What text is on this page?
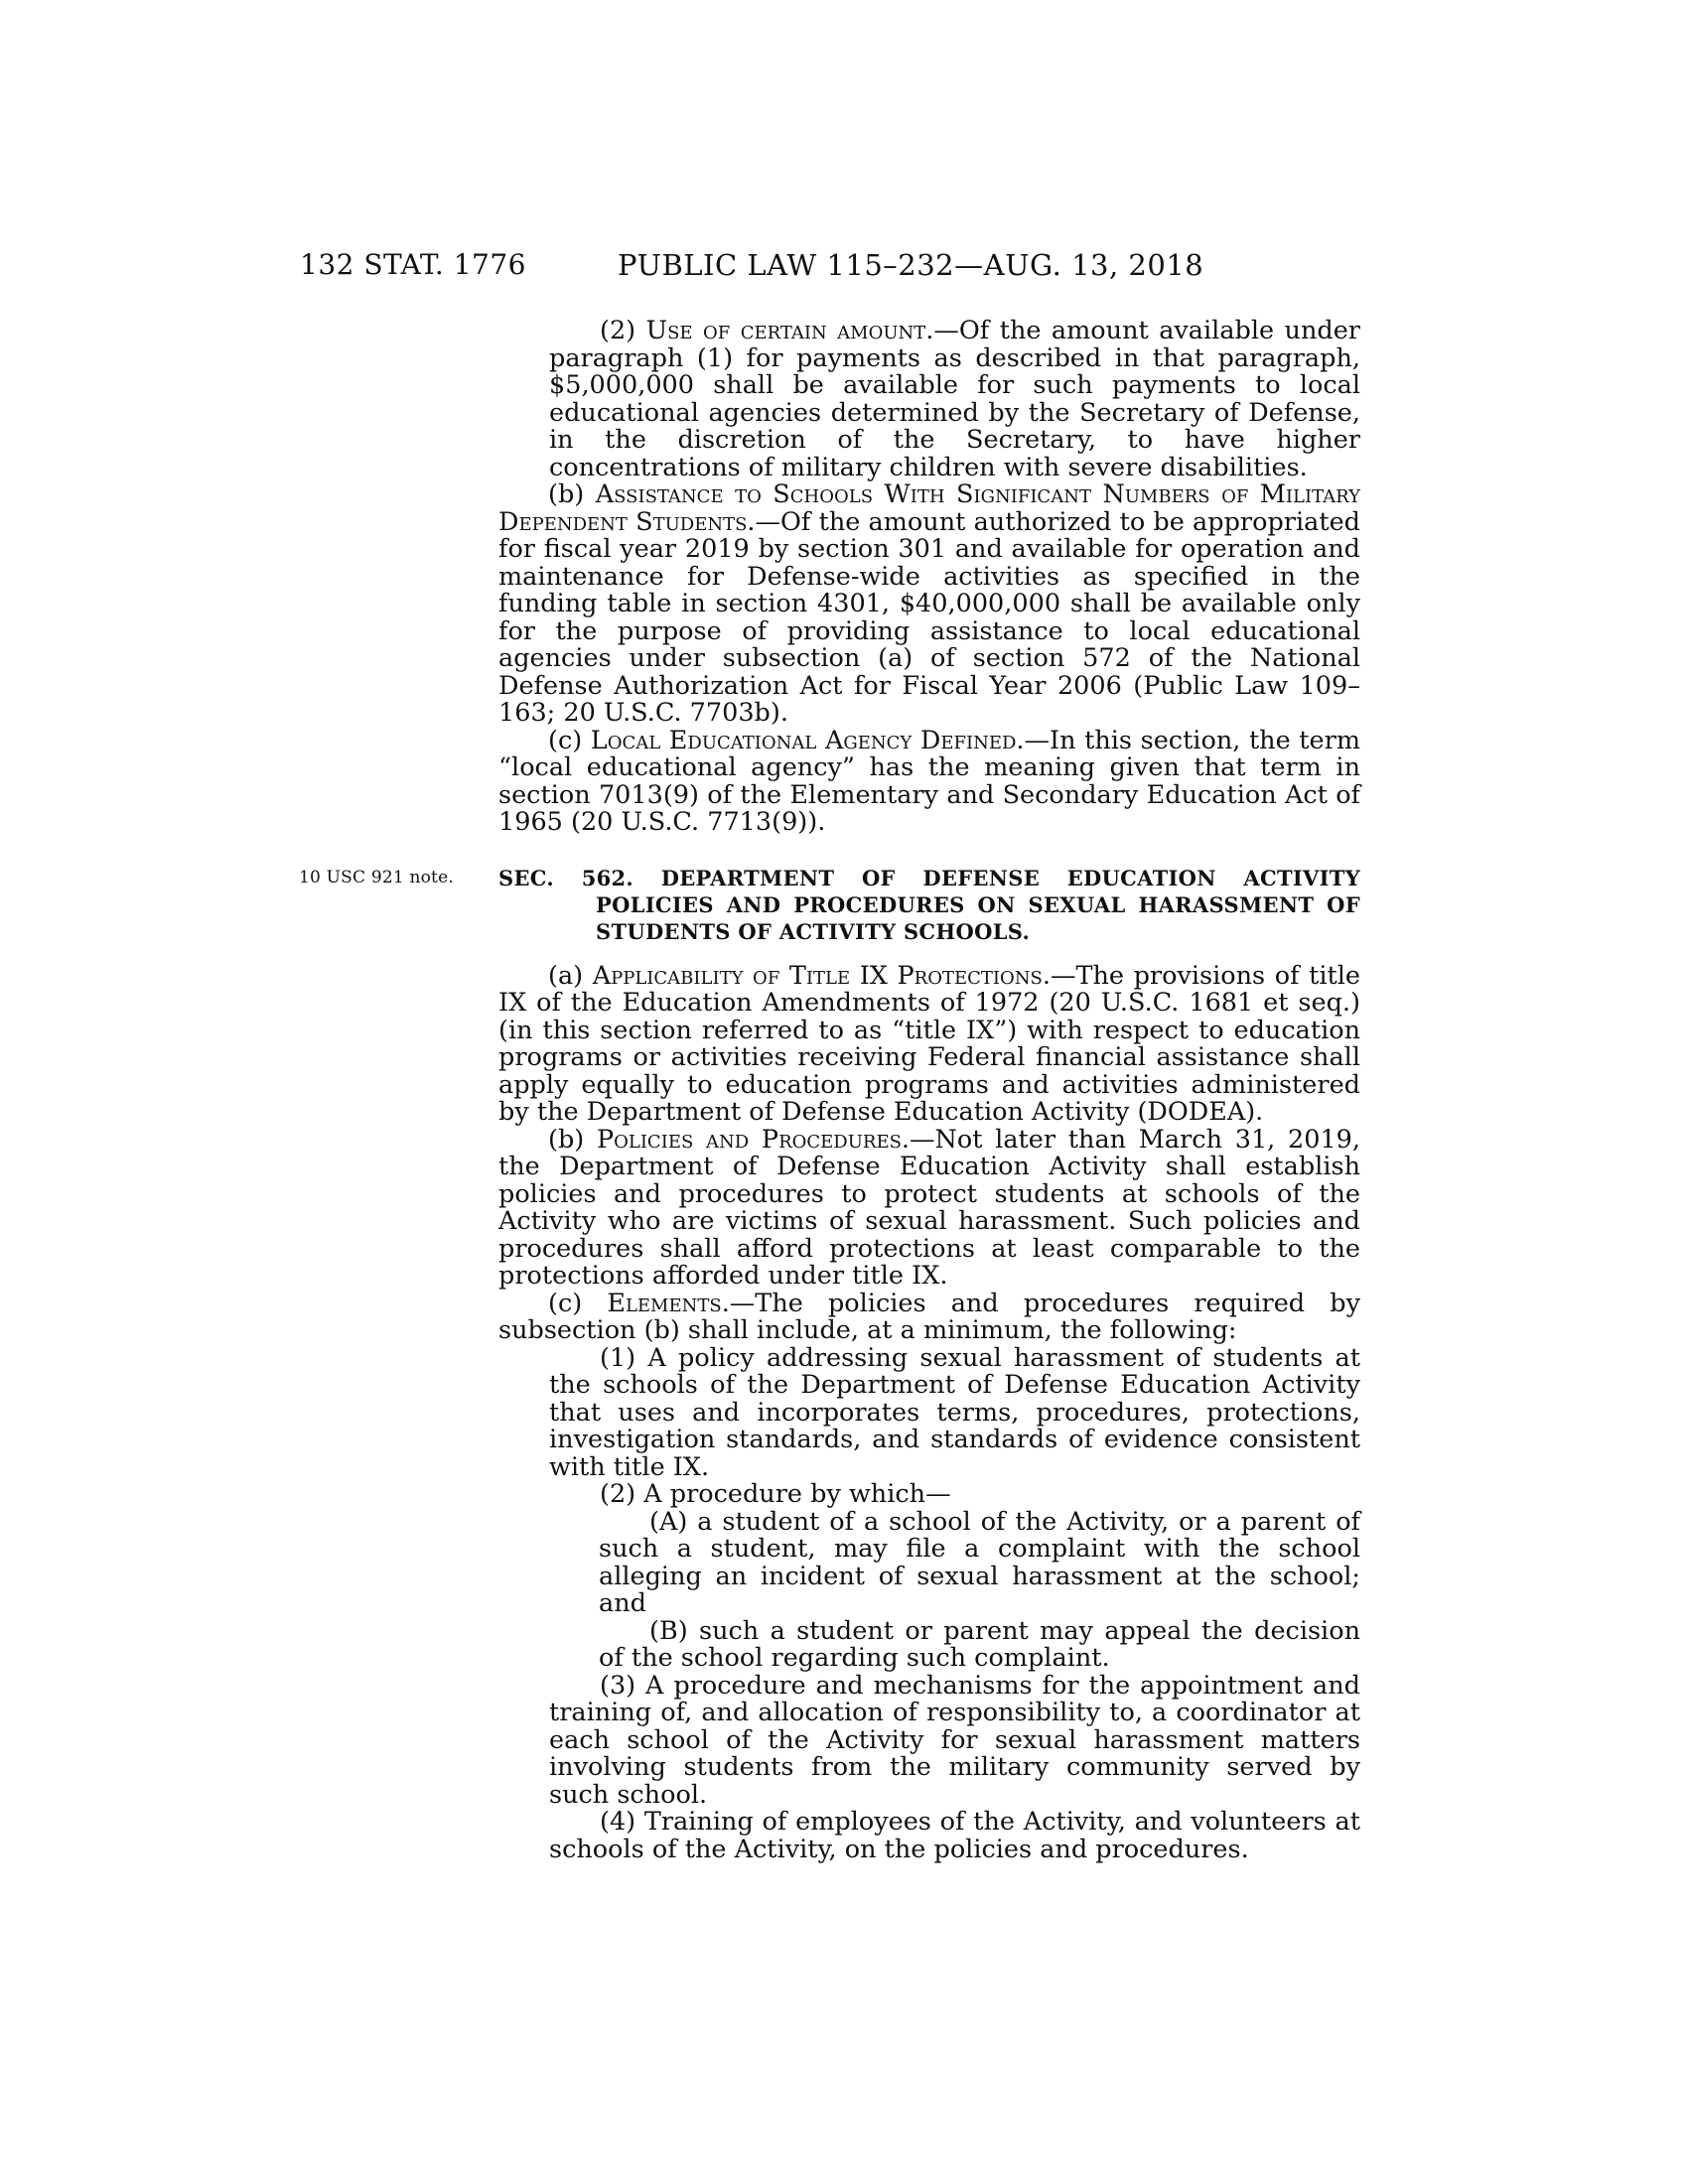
132 STAT. 1776	PUBLIC LAW 115–232—AUG. 13, 2018

(2) Use of certain amount.—Of the amount available under paragraph (1) for payments as described in that paragraph, $5,000,000 shall be available for such payments to local educational agencies determined by the Secretary of Defense, in the discretion of the Secretary, to have higher concentrations of military children with severe disabilities.

(b) Assistance to Schools With Significant Numbers of Military Dependent Students.—Of the amount authorized to be appropriated for fiscal year 2019 by section 301 and available for operation and maintenance for Defense-wide activities as specified in the funding table in section 4301, $40,000,000 shall be available only for the purpose of providing assistance to local educational agencies under subsection (a) of section 572 of the National Defense Authorization Act for Fiscal Year 2006 (Public Law 109–163; 20 U.S.C. 7703b).

(c) Local Educational Agency Defined.—In this section, the term “local educational agency” has the meaning given that term in section 7013(9) of the Elementary and Secondary Education Act of 1965 (20 U.S.C. 7713(9)).

10 USC 921 note. SEC. 562. DEPARTMENT OF DEFENSE EDUCATION ACTIVITY POLICIES AND PROCEDURES ON SEXUAL HARASSMENT OF STUDENTS OF ACTIVITY SCHOOLS.

(a) Applicability of Title IX Protections.—The provisions of title IX of the Education Amendments of 1972 (20 U.S.C. 1681 et seq.) (in this section referred to as “title IX”) with respect to education programs or activities receiving Federal financial assistance shall apply equally to education programs and activities administered by the Department of Defense Education Activity (DODEA).

(b) Policies and Procedures.—Not later than March 31, 2019, the Department of Defense Education Activity shall establish policies and procedures to protect students at schools of the Activity who are victims of sexual harassment. Such policies and procedures shall afford protections at least comparable to the protections afforded under title IX.

(c) Elements.—The policies and procedures required by subsection (b) shall include, at a minimum, the following:

(1) A policy addressing sexual harassment of students at the schools of the Department of Defense Education Activity that uses and incorporates terms, procedures, protections, investigation standards, and standards of evidence consistent with title IX.

(2) A procedure by which—

(A) a student of a school of the Activity, or a parent of such a student, may file a complaint with the school alleging an incident of sexual harassment at the school; and

(B) such a student or parent may appeal the decision of the school regarding such complaint.

(3) A procedure and mechanisms for the appointment and training of, and allocation of responsibility to, a coordinator at each school of the Activity for sexual harassment matters involving students from the military community served by such school.

(4) Training of employees of the Activity, and volunteers at schools of the Activity, on the policies and procedures.
